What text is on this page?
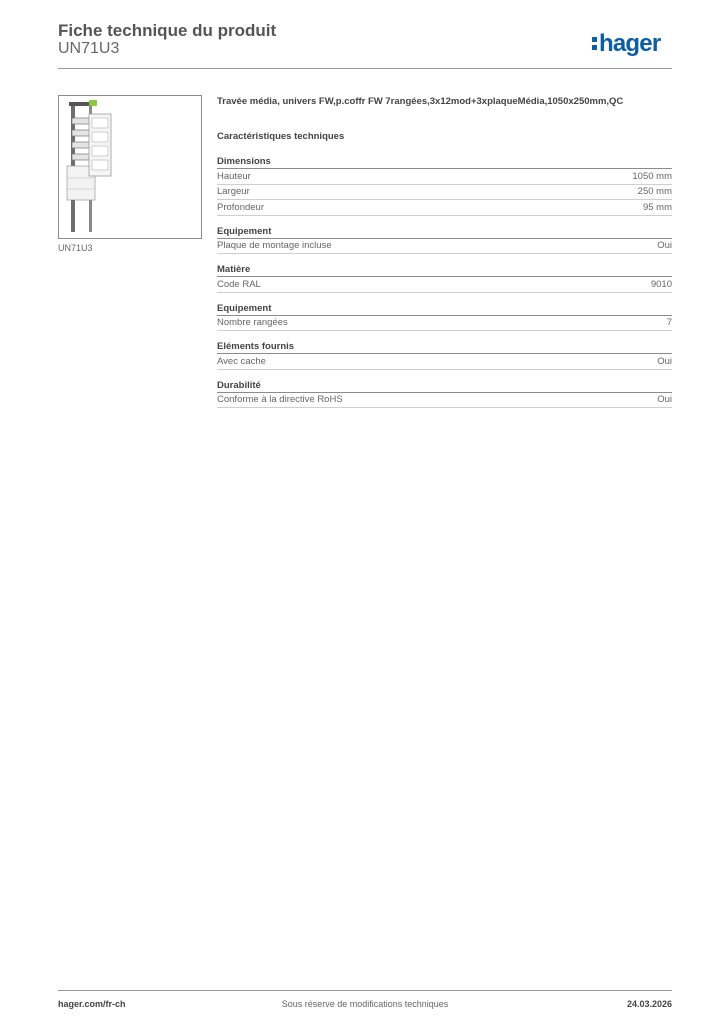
Fiche technique du produit
UN71U3	hager
UN71U3
Travée média, univers FW,p.coffr FW 7rangées,3x12mod+3xplaqueMédia,1050x250mm,QC
Caractéristiques techniques
Dimensions
Hauteur	1050 mm
Largeur	250 mm
Profondeur	95 mm
Equipement
Plaque de montage incluse	Oui
Matière
Code RAL	9010
Equipement
Nombre rangées	7
Eléments fournis
Avec cache	Oui
Durabilité
Conforme à la directive RoHS	Oui
hager.com/fr-ch	Sous réserve de modifications techniques	24.03.2026
